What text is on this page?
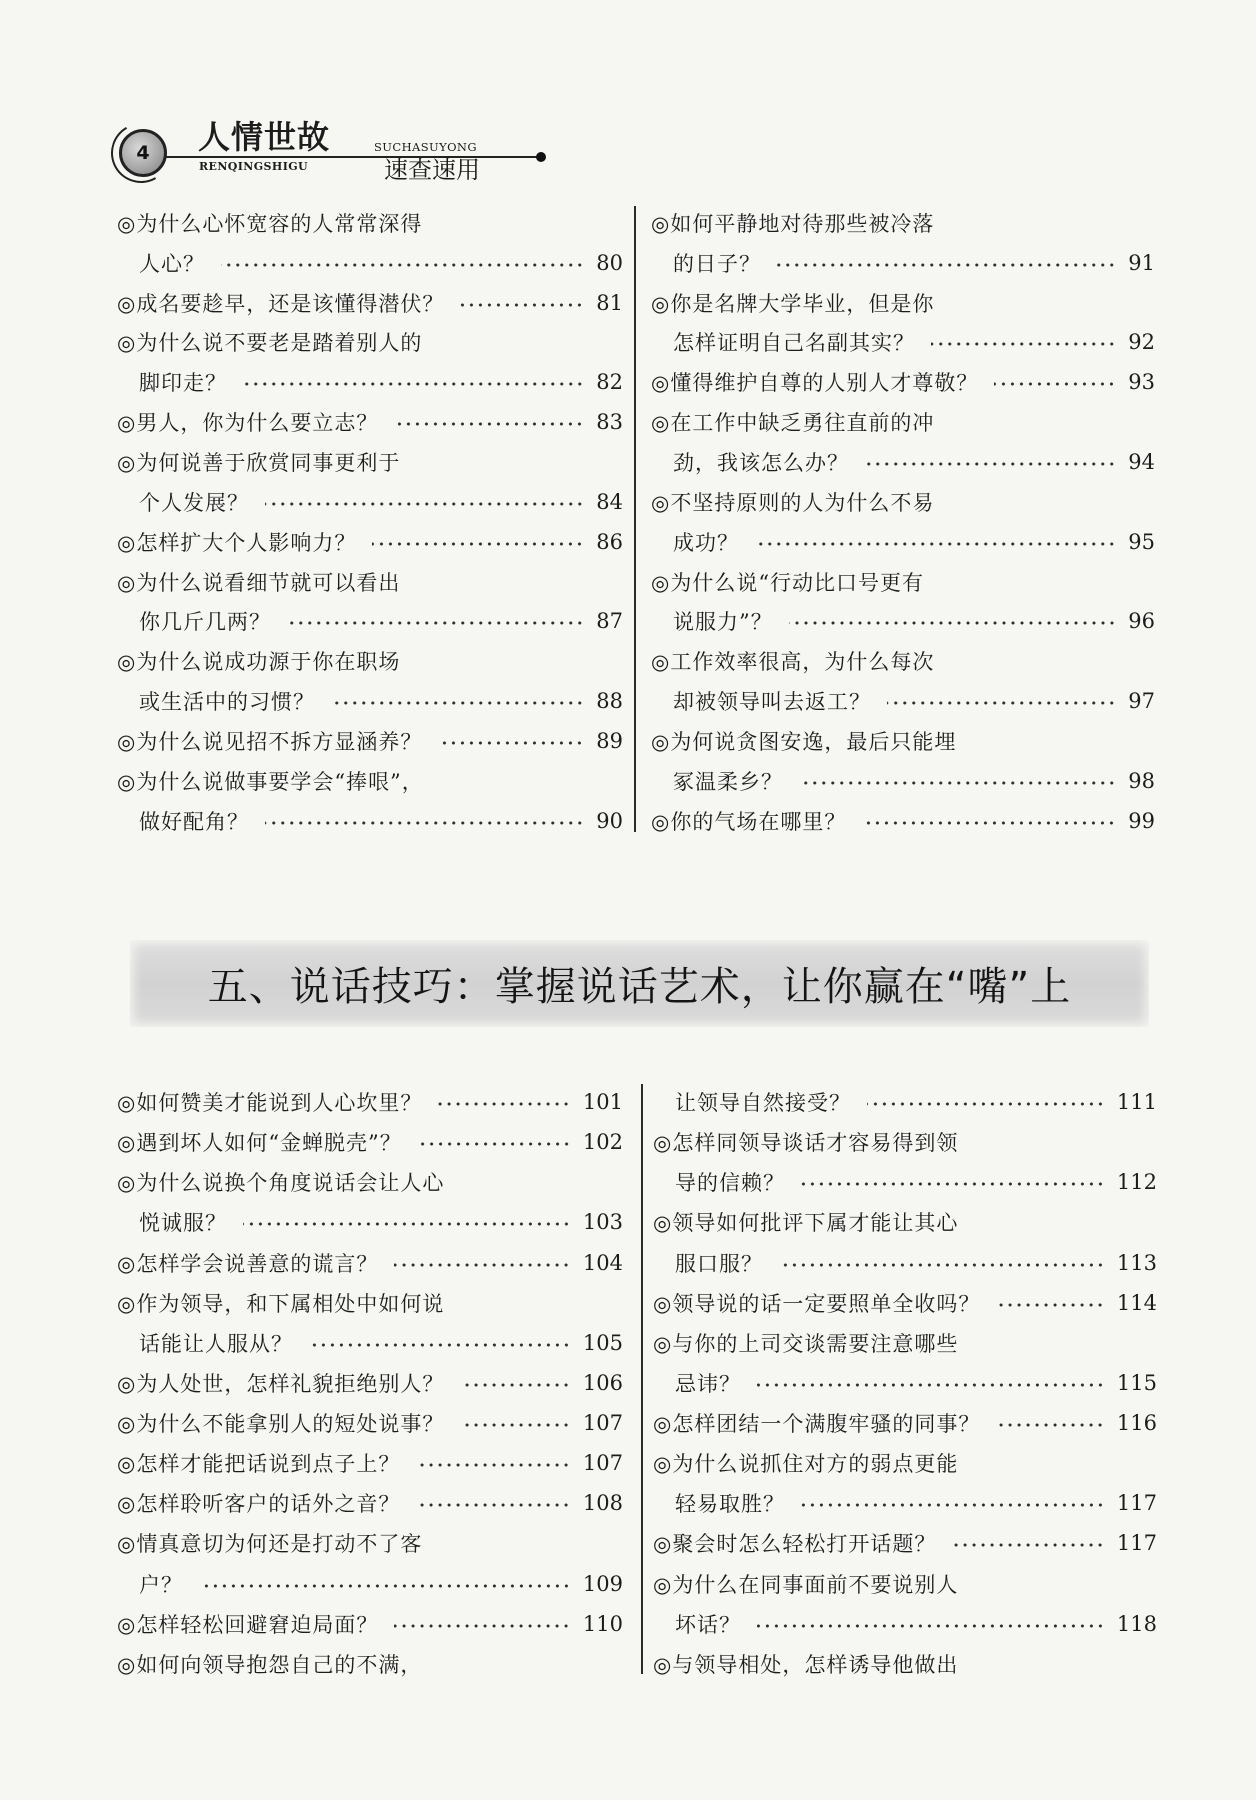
4 人情世故
RENQINGSHIGU
SUCHASUYONG
速查速用
◎为什么心怀宽容的人常常深得
人心？	80
◎成名要趁早，还是该懂得潜伏？	81
◎为什么说不要老是踏着别人的
脚印走？	82
◎男人，你为什么要立志？	83
◎为何说善于欣赏同事更利于
个人发展？	84
◎怎样扩大个人影响力？	86
◎为什么说看细节就可以看出
你几斤几两？	87
◎为什么说成功源于你在职场
或生活中的习惯？	88
◎为什么说见招不拆方显涵养？	89
◎为什么说做事要学会“捧哏”，
做好配角？	90
◎如何平静地对待那些被冷落
的日子？	91
◎你是名牌大学毕业，但是你
怎样证明自己名副其实？	92
◎懂得维护自尊的人别人才尊敬？	93
◎在工作中缺乏勇往直前的冲
劲，我该怎么办？	94
◎不坚持原则的人为什么不易
成功？	95
◎为什么说“行动比口号更有
说服力”？	96
◎工作效率很高，为什么每次
却被领导叫去返工？	97
◎为何说贪图安逸，最后只能埋
冢温柔乡？	98
◎你的气场在哪里？	99
五、说话技巧：掌握说话艺术，让你赢在“嘴”上
◎如何赞美才能说到人心坎里？	101
◎遇到坏人如何“金蝉脱壳”？	102
◎为什么说换个角度说话会让人心
悦诚服？	103
◎怎样学会说善意的谎言？	104
◎作为领导，和下属相处中如何说
话能让人服从？	105
◎为人处世，怎样礼貌拒绝别人？	106
◎为什么不能拿别人的短处说事？	107
◎怎样才能把话说到点子上？	107
◎怎样聆听客户的话外之音？	108
◎情真意切为何还是打动不了客
户？	109
◎怎样轻松回避窘迫局面？	110
◎如何向领导抱怨自己的不满，
让领导自然接受？	111
◎怎样同领导谈话才容易得到领
导的信赖？	112
◎领导如何批评下属才能让其心
服口服？	113
◎领导说的话一定要照单全收吗？	114
◎与你的上司交谈需要注意哪些
忌讳？	115
◎怎样团结一个满腹牢骚的同事？	116
◎为什么说抓住对方的弱点更能
轻易取胜？	117
◎聚会时怎么轻松打开话题？	117
◎为什么在同事面前不要说别人
坏话？	118
◎与领导相处，怎样诱导他做出
